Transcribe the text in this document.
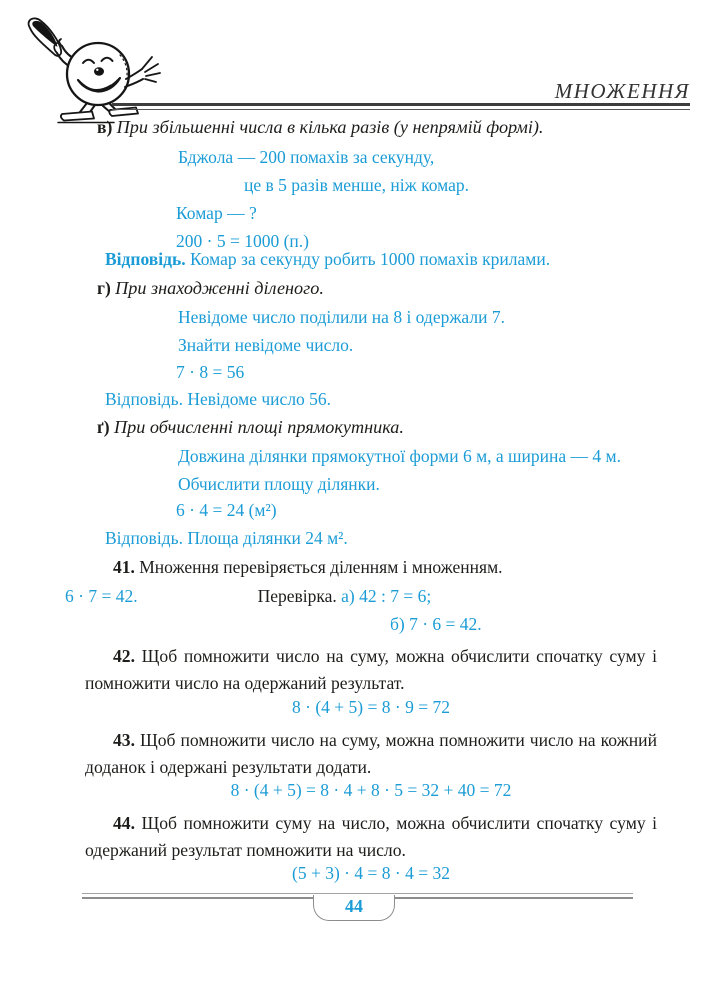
МНОЖЕННЯ
в) При збільшенні числа в кілька разів (у непрямій формі).
Бджола — 200 помахів за секунду,
це в 5 разів менше, ніж комар.
Комар — ?
200 · 5 = 1000 (п.)
Відповідь. Комар за секунду робить 1000 помахів крилами.
г) При знаходженні діленого.
Невідоме число поділили на 8 і одержали 7.
Знайти невідоме число.
7 · 8 = 56
Відповідь. Невідоме число 56.
ґ) При обчисленні площі прямокутника.
Довжина ділянки прямокутної форми 6 м, а ширина — 4 м.
Обчислити площу ділянки.
6 · 4 = 24 (м²)
Відповідь. Площа ділянки 24 м².
41. Множення перевіряється діленням і множенням.
6 · 7 = 42.	Перевірка. а) 42 : 7 = 6;
б) 7 · 6 = 42.
42. Щоб помножити число на суму, можна обчислити спочатку суму і помножити число на одержаний результат.
8 · (4 + 5) = 8 · 9 = 72
43. Щоб помножити число на суму, можна помножити число на кожний доданок і одержані результати додати.
8 · (4 + 5) = 8 · 4 + 8 · 5 = 32 + 40 = 72
44. Щоб помножити суму на число, можна обчислити спочатку суму і одержаний результат помножити на число.
(5 + 3) · 4 = 8 · 4 = 32
44
